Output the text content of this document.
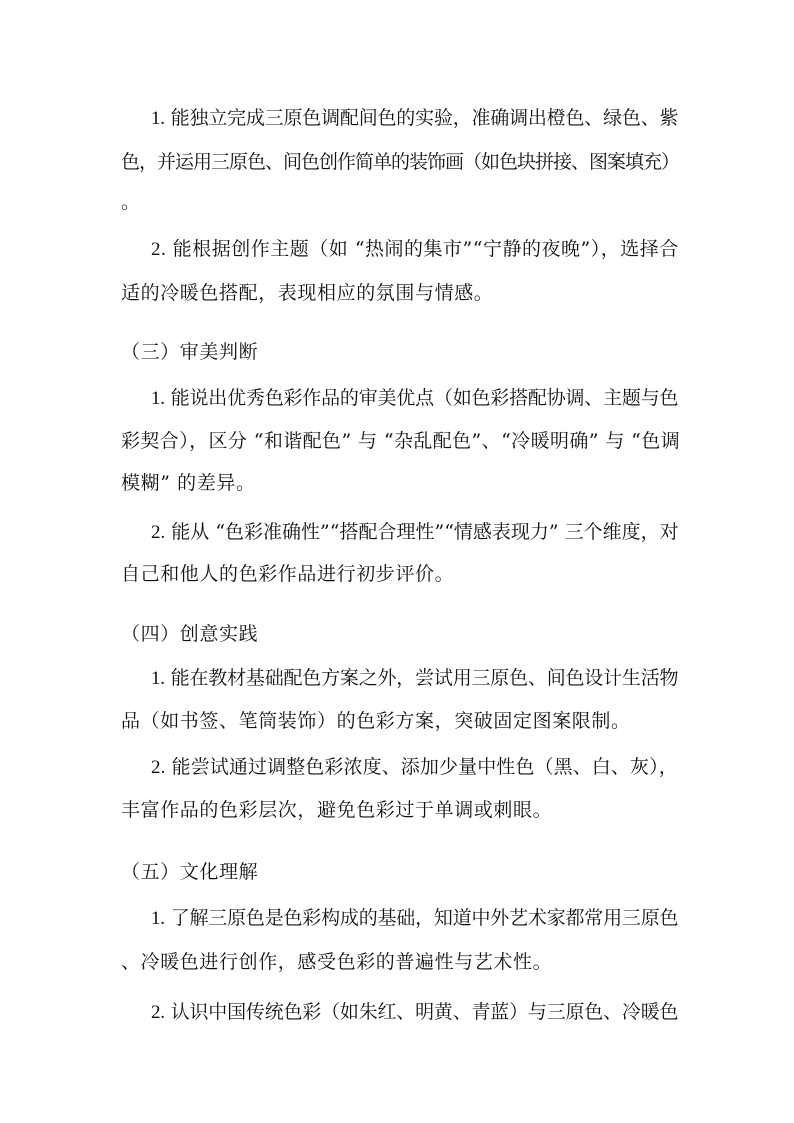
1. 能独立完成三原色调配间色的实验，准确调出橙色、绿色、紫
色，并运用三原色、间色创作简单的装饰画（如色块拼接、图案填充）
。
2. 能根据创作主题（如 “热闹的集市”“宁静的夜晚”），选择合
适的冷暖色搭配，表现相应的氛围与情感。
（三）审美判断
1. 能说出优秀色彩作品的审美优点（如色彩搭配协调、主题与色
彩契合），区分 “和谐配色” 与 “杂乱配色”、“冷暖明确” 与 “色调
模糊” 的差异。
2. 能从 “色彩准确性”“搭配合理性”“情感表现力” 三个维度，对
自己和他人的色彩作品进行初步评价。
（四）创意实践
1. 能在教材基础配色方案之外，尝试用三原色、间色设计生活物
品（如书签、笔筒装饰）的色彩方案，突破固定图案限制。
2. 能尝试通过调整色彩浓度、添加少量中性色（黑、白、灰），
丰富作品的色彩层次，避免色彩过于单调或刺眼。
（五）文化理解
1. 了解三原色是色彩构成的基础，知道中外艺术家都常用三原色
、冷暖色进行创作，感受色彩的普遍性与艺术性。
2. 认识中国传统色彩（如朱红、明黄、青蓝）与三原色、冷暖色
